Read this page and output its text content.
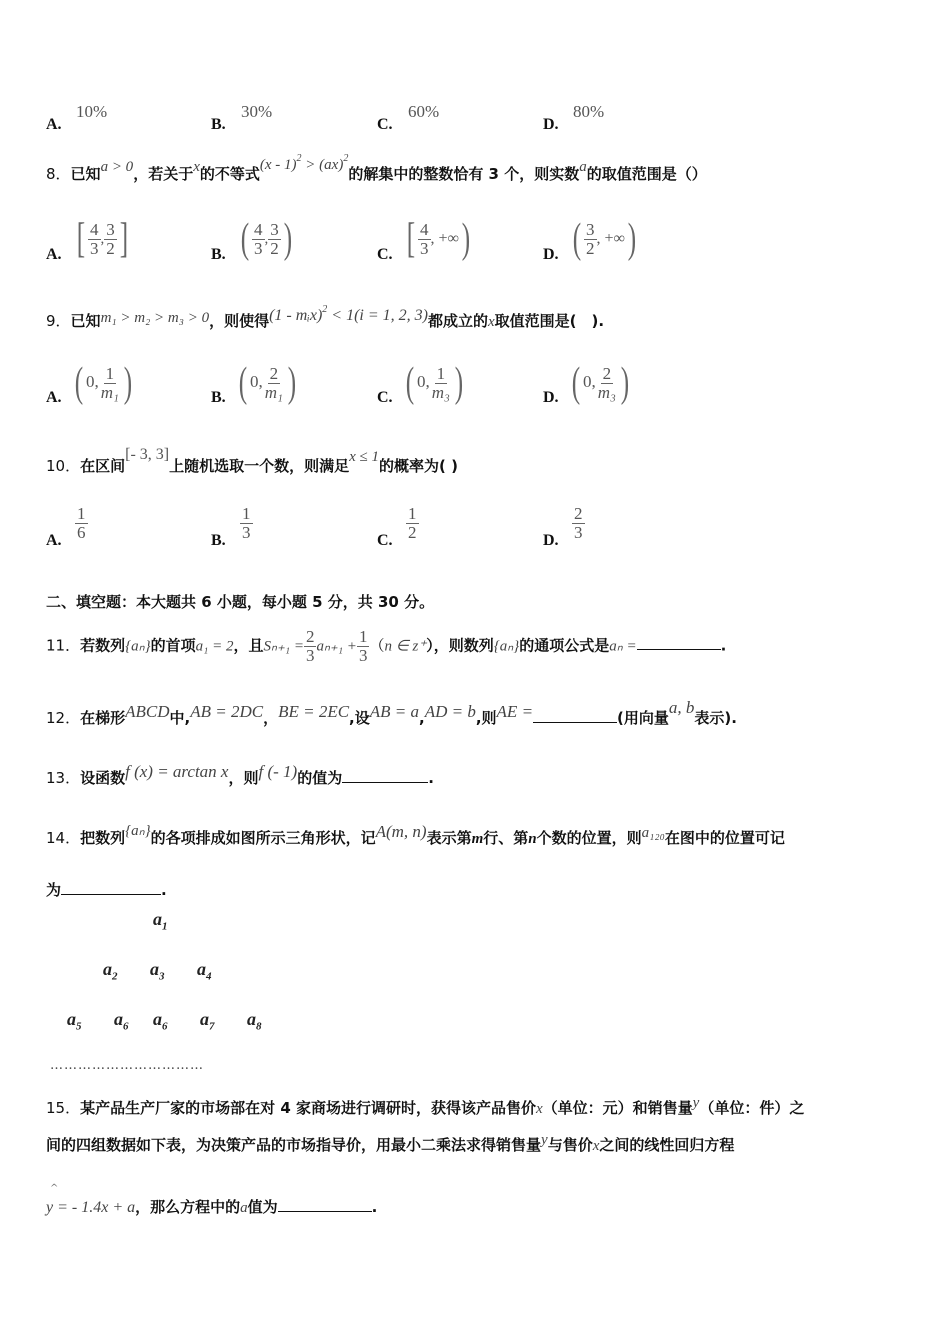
A.
10%
B.
30%
C.
60%
D.
80%
8．已知a > 0，若关于x的不等式(x - 1)$^2$ > (ax)$^2$的解集中的整数恰有 3 个，则实数a的取值范围是（）
A. [ $\frac{4}{3}$ , $\frac{3}{2}$ ]	B. ( $\frac{4}{3}$ , $\frac{3}{2}$ )	C. [ $\frac{4}{3}$ , +∞)	D. ( $\frac{3}{2}$ , +∞)
9．已知m₁ > m₂ > m₃ > 0，则使得(1 - mᵢx)$^2$ < 1(i = 1, 2, 3)都成立的x取值范围是(　).
A. ( 0, $\frac{1}{\text{m₁}}$ )	B. ( 0, $\frac{2}{\text{m₁}}$ )	C. ( 0, $\frac{1}{\text{m₃}}$ )	D. ( 0, $\frac{2}{\text{m₃}}$ )
10．在区间[- 3, 3]上随机选取一个数，则满足x ≤ 1的概率为( )
A. $\frac{1}{6}$	B. $\frac{1}{3}$	C. $\frac{1}{2}$	D. $\frac{2}{3}$
二、填空题：本大题共 6 小题，每小题 5 分，共 30 分。
11．若数列{aₙ}的首项a₁ = 2，且$S_{n+1} = \frac{2}{3} a_{n+1} + \frac{1}{3} (n$ ∈ z⁺），则数列{aₙ}的通项公式是aₙ =	.
12．在梯形ABCD中,AB = 2DC，BE = 2EC,设AB = a,AD = b,则AE =	(用向量a, b表示).
13．设函数f (x) = arctan x，则f (- 1)的值为	.
14．把数列{aₙ}的各项排成如图所示三角形状，记A(m, n)表示第m行、第n个数的位置，则a₁₂₀在图中的位置可记
为	.
$a_1$
$a_2$ $a_3$ $a_4$
$a_5$ $a_6$ $a_6$ $a_7$ $a_8$
……………………………
15．某产品生产厂家的市场部在对 4 家商场进行调研时，获得该产品售价x（单位：元）和销售量y（单位：件）之
间的四组数据如下表，为决策产品的市场指导价，用最小二乘法求得销售量y与售价x之间的线性回归方程
^
y = - 1.4x + a，那么方程中的a值为	.
